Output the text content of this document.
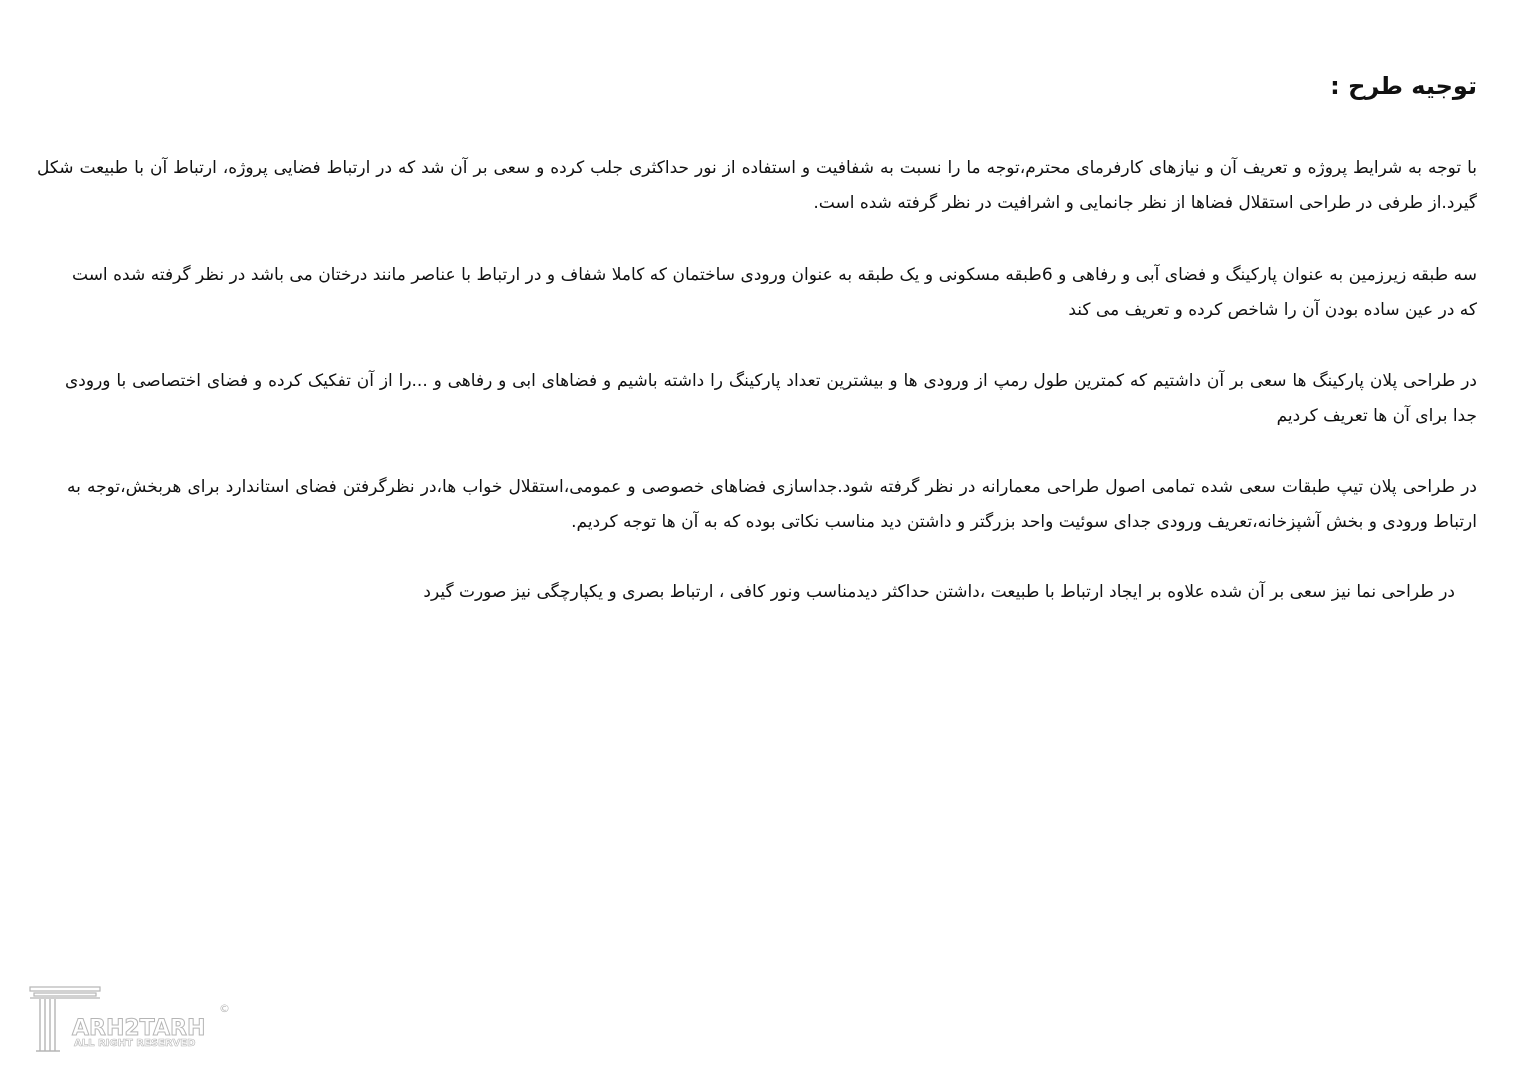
توجیه طرح :

با توجه به شرایط پروژه و تعریف آن و نیازهای کارفرمای محترم،توجه ما را نسبت به شفافیت و استفاده از نور حداکثری جلب کرده و سعی بر آن شد که در ارتباط فضایی پروژه، ارتباط آن با طبیعت شکل گیرد.از طرفی در طراحی استقلال فضاها از نظر جانمایی و اشرافیت در نظر گرفته شده است.

سه طبقه زیرزمین به عنوان پارکینگ و فضای آبی و رفاهی و 6طبقه مسکونی و یک طبقه به عنوان ورودی ساختمان که کاملا شفاف و در ارتباط با عناصر مانند درختان می باشد در نظر گرفته شده است که در عین ساده بودن آن را شاخص کرده و تعریف می کند

در طراحی پلان پارکینگ ها سعی بر آن داشتیم که کمترین طول رمپ از ورودی ها و بیشترین تعداد پارکینگ را داشته باشیم و فضاهای ابی و رفاهی و ...را از آن تفکیک کرده و فضای اختصاصی با ورودی جدا برای آن ها تعریف کردیم

در طراحی پلان تیپ طبقات سعی شده تمامی اصول طراحی معمارانه در نظر گرفته شود.جداسازی فضاهای خصوصی و عمومی،استقلال خواب ها،در نظرگرفتن فضای استاندارد برای هربخش،توجه به ارتباط ورودی و بخش آشپزخانه،تعریف ورودی جدای سوئیت واحد بزرگتر و داشتن دید مناسب نکاتی بوده که به آن ها توجه کردیم.

در طراحی نما نیز سعی بر آن شده علاوه بر ایجاد ارتباط با طبیعت ،داشتن حداکثر دیدمناسب ونور کافی ، ارتباط بصری و یکپارچگی نیز صورت گیرد

ARH2TARH
ALL RIGHT RESERVED
©
